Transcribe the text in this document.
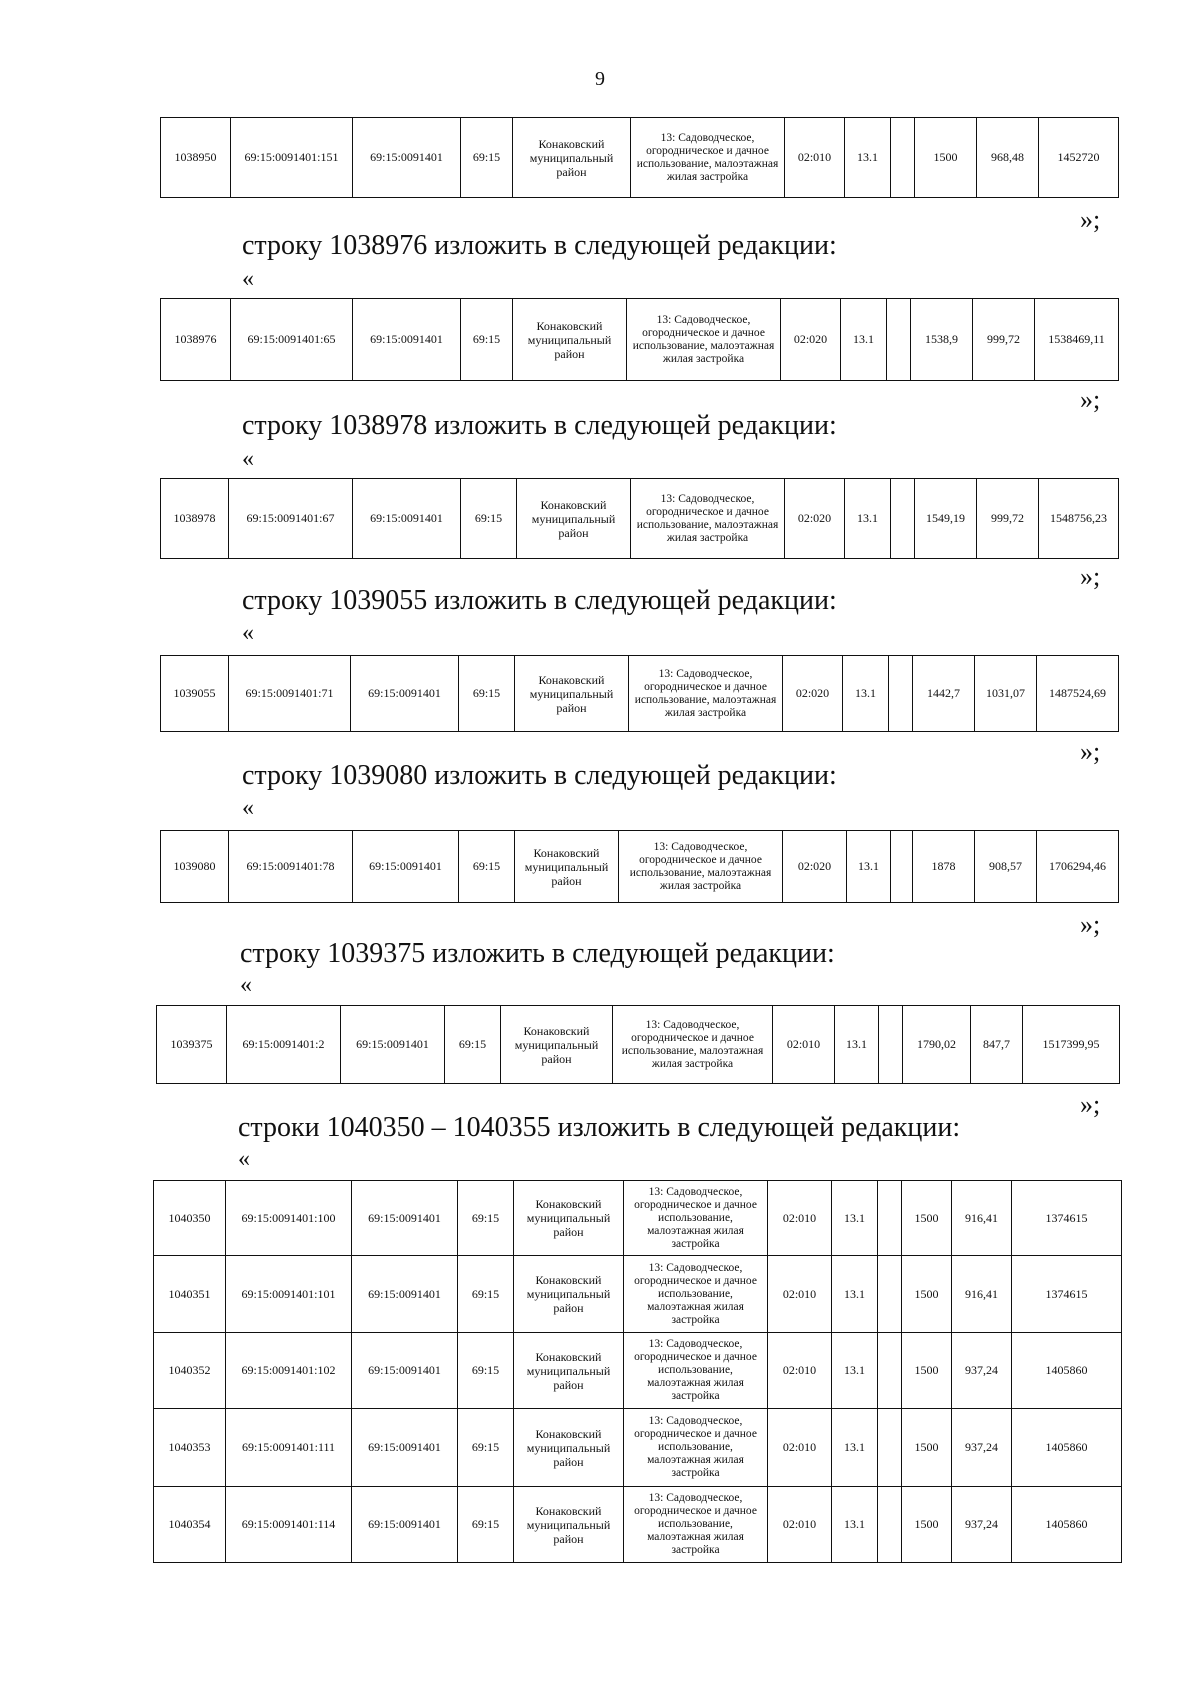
9
1038950	69:15:0091401:151	69:15:0091401	69:15	Конаковский муниципальный район	13: Садоводческое, огородническое и дачное использование, малоэтажная жилая застройка	02:010	13.1		1500	968,48	1452720
»;
строку 1038976 изложить в следующей редакции:
«
1038976	69:15:0091401:65	69:15:0091401	69:15	Конаковский муниципальный район	13: Садоводческое, огородническое и дачное использование, малоэтажная жилая застройка	02:020	13.1		1538,9	999,72	1538469,11
»;
строку 1038978 изложить в следующей редакции:
«
1038978	69:15:0091401:67	69:15:0091401	69:15	Конаковский муниципальный район	13: Садоводческое, огородническое и дачное использование, малоэтажная жилая застройка	02:020	13.1		1549,19	999,72	1548756,23
»;
строку 1039055 изложить в следующей редакции:
«
1039055	69:15:0091401:71	69:15:0091401	69:15	Конаковский муниципальный район	13: Садоводческое, огородническое и дачное использование, малоэтажная жилая застройка	02:020	13.1		1442,7	1031,07	1487524,69
»;
строку 1039080 изложить в следующей редакции:
«
1039080	69:15:0091401:78	69:15:0091401	69:15	Конаковский муниципальный район	13: Садоводческое, огородническое и дачное использование, малоэтажная жилая застройка	02:020	13.1		1878	908,57	1706294,46
»;
строку 1039375 изложить в следующей редакции:
«
1039375	69:15:0091401:2	69:15:0091401	69:15	Конаковский муниципальный район	13: Садоводческое, огородническое и дачное использование, малоэтажная жилая застройка	02:010	13.1		1790,02	847,7	1517399,95
»;
строки 1040350 – 1040355 изложить в следующей редакции:
«
1040350	69:15:0091401:100	69:15:0091401	69:15	Конаковский муниципальный район	13: Садоводческое, огородническое и дачное использование, малоэтажная жилая застройка	02:010	13.1		1500	916,41	1374615
1040351	69:15:0091401:101	69:15:0091401	69:15	Конаковский муниципальный район	13: Садоводческое, огородническое и дачное использование, малоэтажная жилая застройка	02:010	13.1		1500	916,41	1374615
1040352	69:15:0091401:102	69:15:0091401	69:15	Конаковский муниципальный район	13: Садоводческое, огородническое и дачное использование, малоэтажная жилая застройка	02:010	13.1		1500	937,24	1405860
1040353	69:15:0091401:111	69:15:0091401	69:15	Конаковский муниципальный район	13: Садоводческое, огородническое и дачное использование, малоэтажная жилая застройка	02:010	13.1		1500	937,24	1405860
1040354	69:15:0091401:114	69:15:0091401	69:15	Конаковский муниципальный район	13: Садоводческое, огородническое и дачное использование, малоэтажная жилая застройка	02:010	13.1		1500	937,24	1405860
